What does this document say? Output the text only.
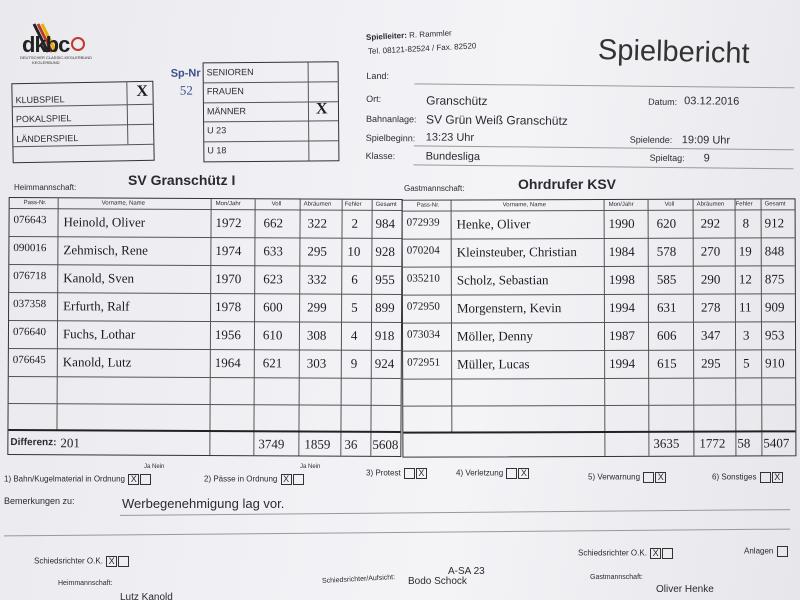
dkbc
DEUTSCHER CLASSIC-KEGLERBUND
KEGLERBUND
Spielleiter: R. Rammler
Tel. 08121-82524 / Fax. 82520	Spielbericht
KLUBSPIEL	X
POKALSPIEL
LÄNDERSPIEL
Sp-Nr
52
SENIOREN
FRAUEN
MÄNNER	X
U 23
U 18
Land:
Ort:	Granschütz	Datum: 03.12.2016
Bahnanlage: SV Grün Weiß Granschütz
Spielbeginn: 13:23 Uhr	Spielende: 19:09 Uhr
Klasse:	Bundesliga	Spieltag: 9
Heimmannschaft:	SV Granschütz I
Gastmannschaft:	Ohrdrufer KSV
Pass-Nr.	Vorname, Name	Mon/Jahr	Voll	Abräumen Fehler Gesamt
076643 Heinold, Oliver	1972 662 322 2 984
090016 Zehmisch, Rene	1974 633 295 10 928
076718 Kanold, Sven	1970 623 332 6 955
037358 Erfurth, Ralf	1978 600 299 5 899
076640 Fuchs, Lothar	1956 610 308 4 918
076645 Kanold, Lutz	1964 621 303 9 924
Differenz: 201	3749 1859 36 5608
Pass-Nr.	Vorname, Name	Mon/Jahr	Voll	Abräumen Fehler Gesamt
072939 Henke, Oliver	1990 620 292 8 912
070204 Kleinsteuber, Christian 1984 578 270 19 848
035210 Scholz, Sebastian	1998 585 290 12 875
072950 Morgenstern, Kevin	1994 631 278 11 909
073034 Möller, Denny	1987 606 347 3 953
072951 Müller, Lucas	1994 615 295 5 910
3635 1772 58 5407
1) Bahn/Kugelmaterial in Ordnung X	2) Pässe in Ordnung X
3) Protest X	4) Verletzung X	5) Verwarnung X	6) Sonstiges X
Ja Nein	Ja Nein
Bemerkungen zu:	Werbegenehmigung lag vor.
Schiedsrichter O.K. X
Schiedsrichter O.K. X	Anlagen
Schiedsrichter/Aufsicht:
A-SA 23
Bodo Schock
Heimmannschaft:
Lutz Kanold
Gastmannschaft:
Oliver Henke
